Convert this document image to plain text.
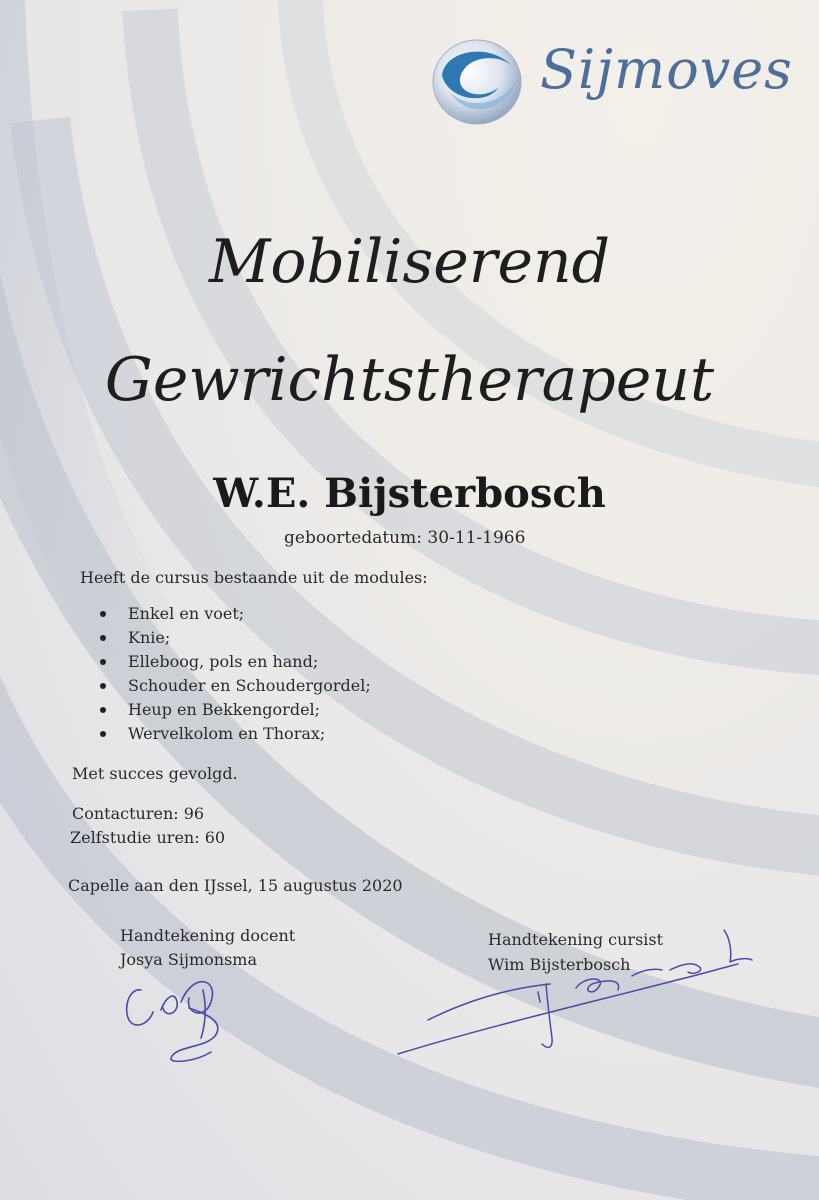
Sijmoves
Mobiliserend
Gewrichtstherapeut
W.E. Bijsterbosch
geboortedatum: 30-11-1966
Heeft de cursus bestaande uit de modules:
Enkel en voet;
Knie;
Elleboog, pols en hand;
Schouder en Schoudergordel;
Heup en Bekkengordel;
Wervelkolom en Thorax;
Met succes gevolgd.
Contacturen: 96
Zelfstudie uren: 60
Capelle aan den IJssel, 15 augustus 2020
Handtekening docent
Josya Sijmonsma
Handtekening cursist
Wim Bijsterbosch
